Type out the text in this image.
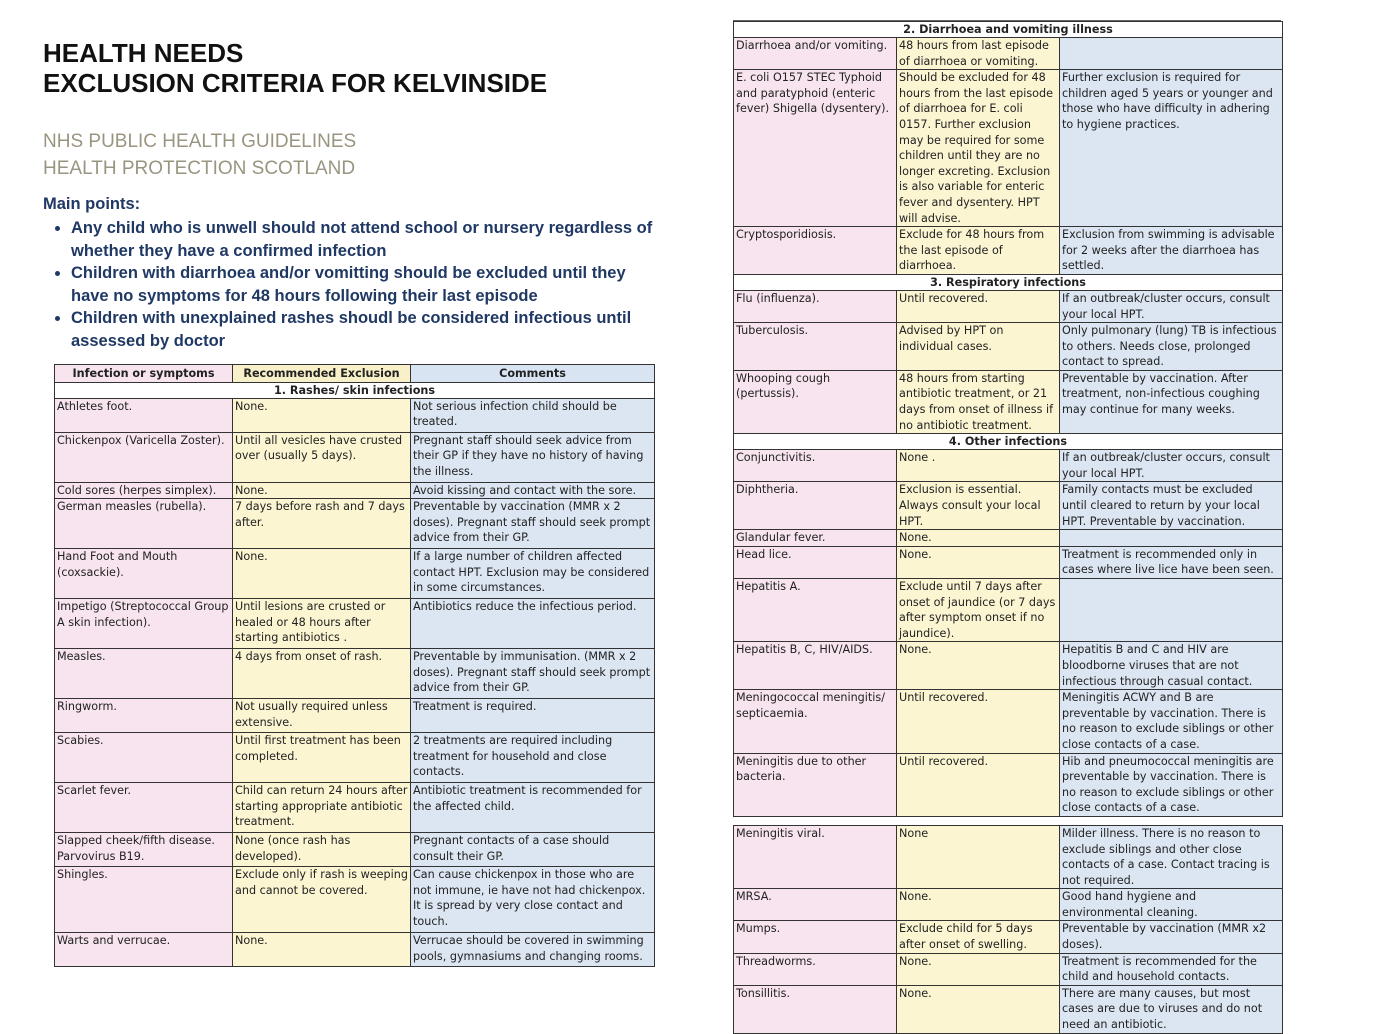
HEALTH NEEDS

EXCLUSION CRITERIA FOR KELVINSIDE

NHS PUBLIC HEALTH GUIDELINES

HEALTH PROTECTION SCOTLAND

Main points:

• Any child who is unwell should not attend school or nursery regardless of whether they have a confirmed infection
• Children with diarrhoea and/or vomitting should be excluded until they have no symptoms for 48 hours following their last episode
• Children with unexplained rashes shoudl be considered infectious until assessed by doctor
Infection or symptoms	Recommended Exclusion	Comments
1. Rashes/ skin infections		
Athletes foot.	None.	Not serious infection child should be treated.
Chickenpox (Varicella Zoster).	Until all vesicles have crusted over (usually 5 days).	Pregnant staff should seek advice from their GP if they have no history of having the illness.
Cold sores (herpes simplex).	None.	Avoid kissing and contact with the sore.
German measles (rubella).	7 days before rash and 7 days after.	Preventable by vaccination (MMR x 2 doses). Pregnant staff should seek prompt advice from their GP.
Hand Foot and Mouth (coxsackie).	None.	If a large number of children affected contact HPT. Exclusion may be considered in some circumstances.
Impetigo (Streptococcal Group A skin infection).	Until lesions are crusted or healed or 48 hours after starting antibiotics .	Antibiotics reduce the infectious period.
Measles.	4 days from onset of rash.	Preventable by immunisation. (MMR x 2 doses). Pregnant staff should seek prompt advice from their GP.
Ringworm.	Not usually required unless extensive.	Treatment is required.
Scabies.	Until first treatment has been completed.	2 treatments are required including treatment for household and close contacts.
Scarlet fever.	Child can return 24 hours after starting appropriate antibiotic treatment.	Antibiotic treatment is recommended for the affected child.
Slapped cheek/fifth disease. Parvovirus B19.	None (once rash has developed).	Pregnant contacts of a case should consult their GP.
Shingles.	Exclude only if rash is weeping and cannot be covered.	Can cause chickenpox in those who are not immune, ie have not had chickenpox. It is spread by very close contact and touch.
Warts and verrucae.	None.	Verrucae should be covered in swimming pools, gymnasiums and changing rooms.
2. Diarrhoea and vomiting illness		
Diarrhoea and/or vomiting.	48 hours from last episode of diarrhoea or vomiting.	
E. coli O157 STEC Typhoid and paratyphoid (enteric fever) Shigella (dysentery).	Should be excluded for 48 hours from the last episode of diarrhoea for E. coli 0157. Further exclusion may be required for some children until they are no longer excreting. Exclusion is also variable for enteric fever and dysentery. HPT will advise.	Further exclusion is required for children aged 5 years or younger and those who have difficulty in adhering to hygiene practices.
Cryptosporidiosis.	Exclude for 48 hours from the last episode of diarrhoea.	Exclusion from swimming is advisable for 2 weeks after the diarrhoea has settled.
3. Respiratory infections		
Flu (influenza).	Until recovered.	If an outbreak/cluster occurs, consult your local HPT.
Tuberculosis.	Advised by HPT on individual cases.	Only pulmonary (lung) TB is infectious to others. Needs close, prolonged contact to spread.
Whooping cough (pertussis).	48 hours from starting antibiotic treatment, or 21 days from onset of illness if no antibiotic treatment.	Preventable by vaccination. After treatment, non-infectious coughing may continue for many weeks.
4. Other infections		
Conjunctivitis.	None .	If an outbreak/cluster occurs, consult your local HPT.
Diphtheria.	Exclusion is essential. Always consult your local HPT.	Family contacts must be excluded until cleared to return by your local HPT. Preventable by vaccination.
Glandular fever.	None.	
Head lice.	None.	Treatment is recommended only in cases where live lice have been seen.
Hepatitis A.	Exclude until 7 days after onset of jaundice (or 7 days after symptom onset if no jaundice).	
Hepatitis B, C, HIV/AIDS.	None.	Hepatitis B and C and HIV are bloodborne viruses that are not infectious through casual contact.
Meningococcal meningitis/ septicaemia.	Until recovered.	Meningitis ACWY and B are preventable by vaccination. There is no reason to exclude siblings or other close contacts of a case.
Meningitis due to other bacteria.	Until recovered.	Hib and pneumococcal meningitis are preventable by vaccination. There is no reason to exclude siblings or other close contacts of a case.

Meningitis viral.	None	Milder illness. There is no reason to exclude siblings and other close contacts of a case. Contact tracing is not required.
MRSA.	None.	Good hand hygiene and environmental cleaning.
Mumps.	Exclude child for 5 days after onset of swelling.	Preventable by vaccination (MMR x2 doses).
Threadworms.	None.	Treatment is recommended for the child and household contacts.
Tonsillitis.	None.	There are many causes, but most cases are due to viruses and do not need an antibiotic.
